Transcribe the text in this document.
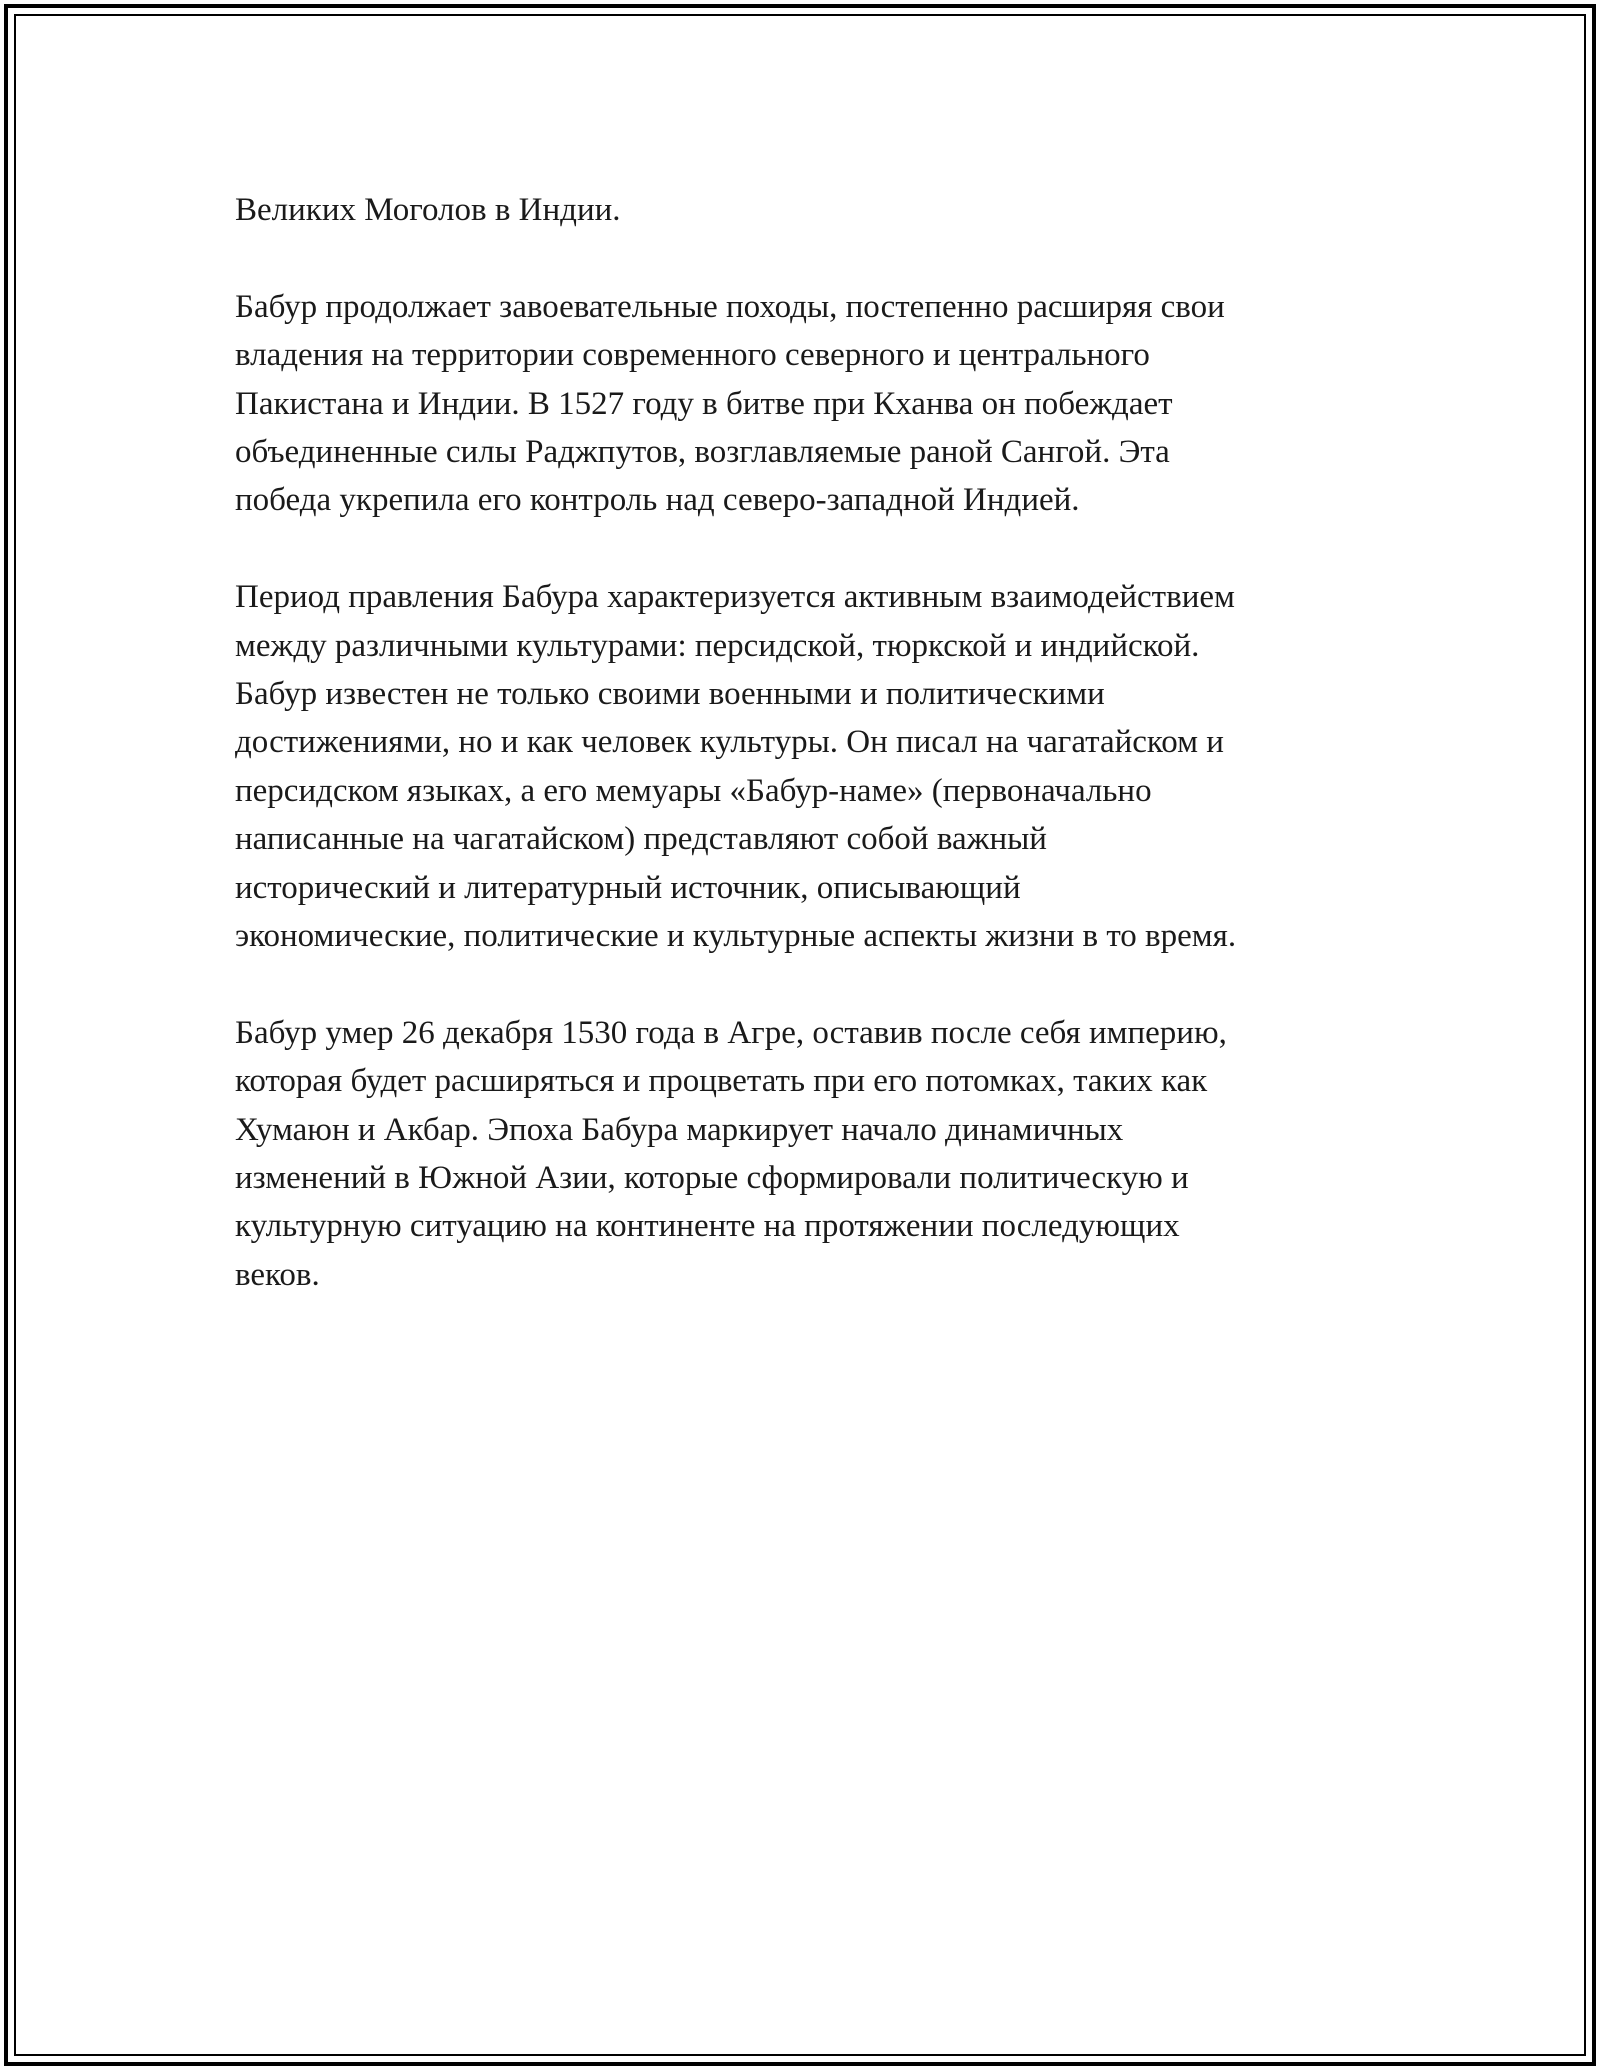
Великих Моголов в Индии.

Бабур продолжает завоевательные походы, постепенно расширяя свои
владения на территории современного северного и центрального
Пакистана и Индии. В 1527 году в битве при Кханва он побеждает
объединенные силы Раджпутов, возглавляемые раной Сангой. Эта
победа укрепила его контроль над северо-западной Индией.

Период правления Бабура характеризуется активным взаимодействием
между различными культурами: персидской, тюркской и индийской.
Бабур известен не только своими военными и политическими
достижениями, но и как человек культуры. Он писал на чагатайском и
персидском языках, а его мемуары «Бабур-наме» (первоначально
написанные на чагатайском) представляют собой важный
исторический и литературный источник, описывающий
экономические, политические и культурные аспекты жизни в то время.

Бабур умер 26 декабря 1530 года в Агре, оставив после себя империю,
которая будет расширяться и процветать при его потомках, таких как
Хумаюн и Акбар. Эпоха Бабура маркирует начало динамичных
изменений в Южной Азии, которые сформировали политическую и
культурную ситуацию на континенте на протяжении последующих
веков.
